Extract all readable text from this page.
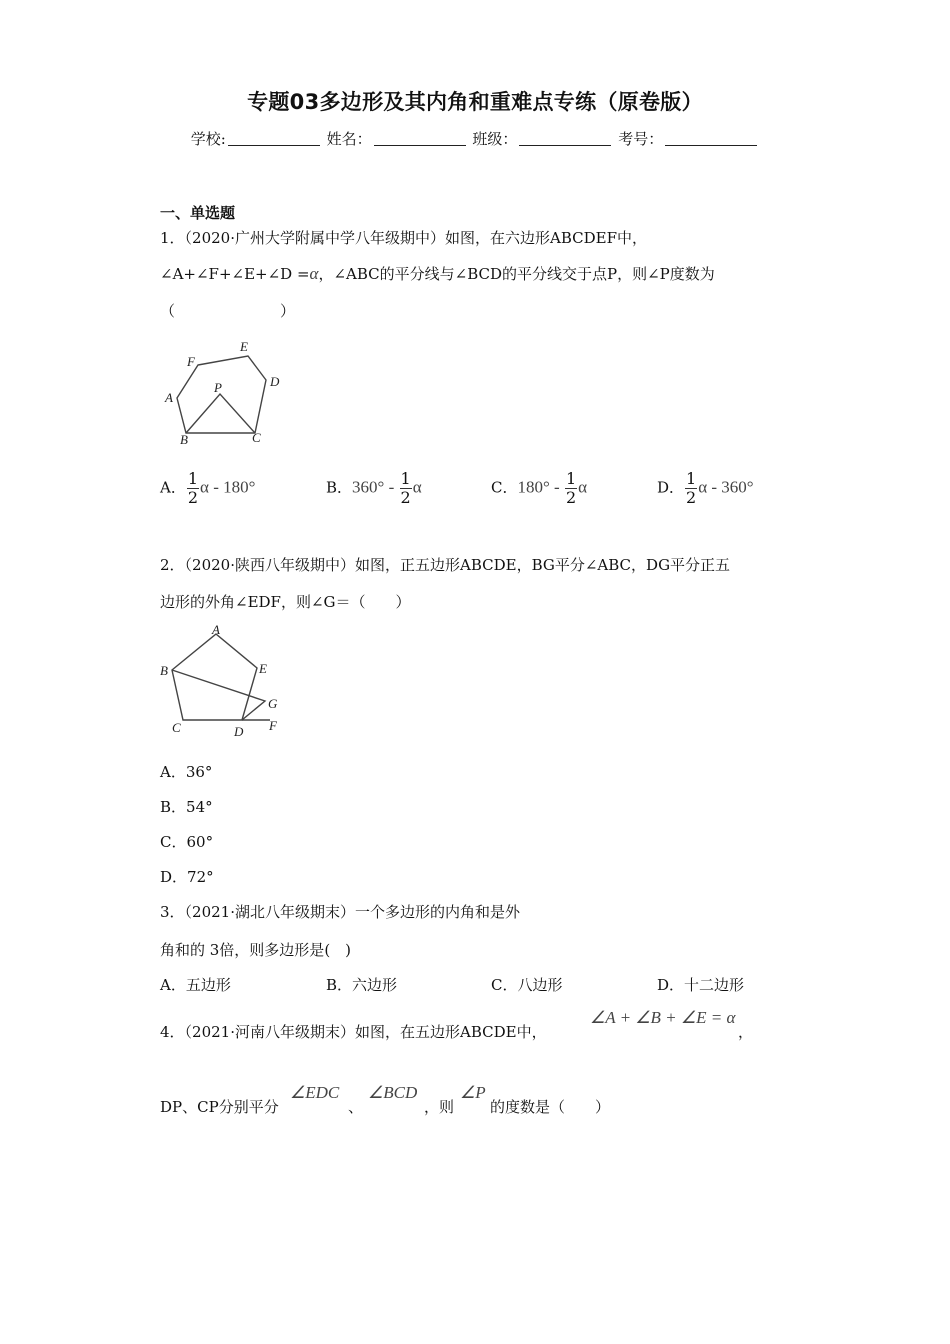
专题03多边形及其内角和重难点专练（原卷版）
学校:	姓名：	班级：	考号：
一、单选题
1．（2020·广州大学附属中学八年级期中）如图，在六边形ABCDEF中，
∠A+∠F+∠E+∠D =α，∠ABC的平分线与∠BCD的平分线交于点P，则∠P度数为
（　　　　　　　）
F
E
D
A
P
B	C
A． $\frac{1}{2}$ α - 180°	B．$360^\circ - \frac{1}{2}$ α	C．$180^\circ - \frac{1}{2}$ α	D． $\frac{1}{2}$ α - 360°
2．（2020·陕西八年级期中）如图，正五边形ABCDE，BG平分∠ABC，DG平分正五
边形的外角∠EDF，则∠G＝（　　）
A
B	E
G
C	D F
A．36°
B．54°
C．60°
D．72°
3．（2021·湖北八年级期末）一个多边形的内角和是外
角和的 3倍，则多边形是(　)
A．五边形	B．六边形	C．八边形	D．十二边形
4．（2021·河南八年级期末）如图，在五边形ABCDE中，
∠A + ∠B + ∠E = α
，
DP、CP分别平分
∠EDC
、
∠BCD
，则
∠P
的度数是（　　）
